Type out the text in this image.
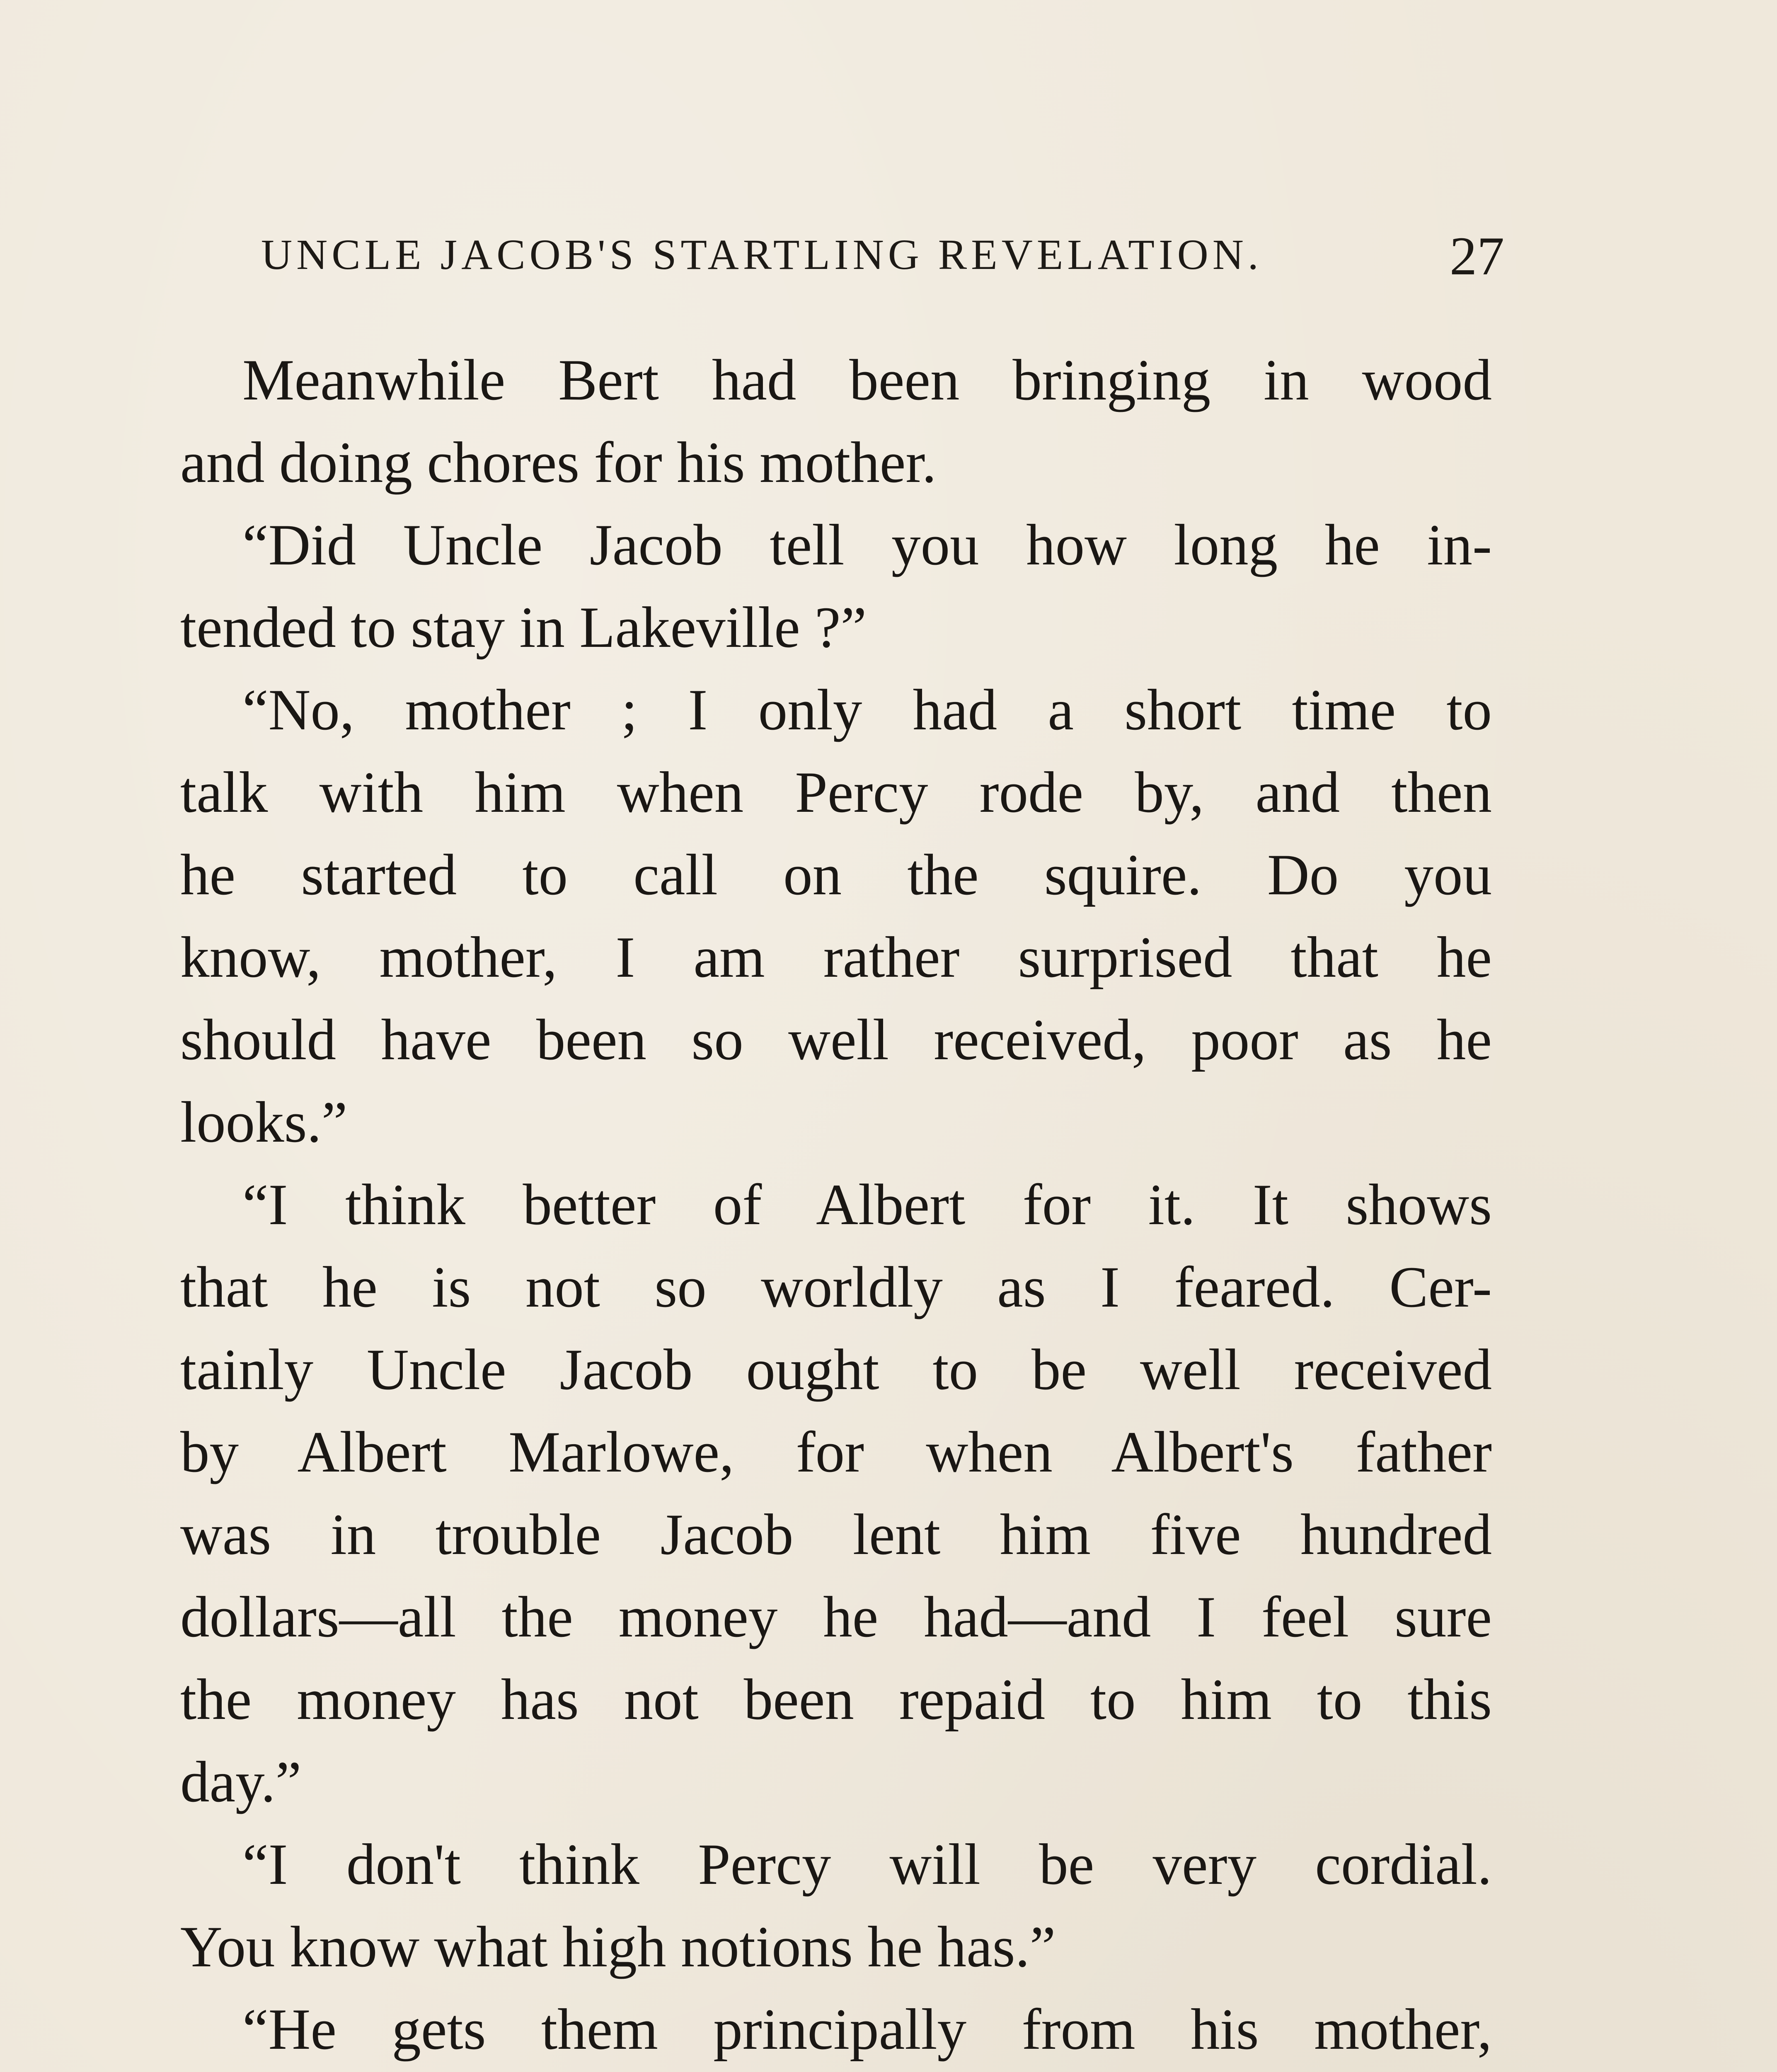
UNCLE JACOB'S STARTLING REVELATION.	27
Meanwhile Bert had been bringing in wood
and doing chores for his mother.
“Did Uncle Jacob tell you how long he in-
tended to stay in Lakeville ?”
“No, mother ; I only had a short time to
talk with him when Percy rode by, and then
he started to call on the squire. Do you
know, mother, I am rather surprised that he
should have been so well received, poor as he
looks.”
“I think better of Albert for it. It shows
that he is not so worldly as I feared. Cer-
tainly Uncle Jacob ought to be well received
by Albert Marlowe, for when Albert's father
was in trouble Jacob lent him five hundred
dollars—all the money he had—and I feel sure
the money has not been repaid to him to this
day.”
“I don't think Percy will be very cordial.
You know what high notions he has.”
“He gets them principally from his mother,
